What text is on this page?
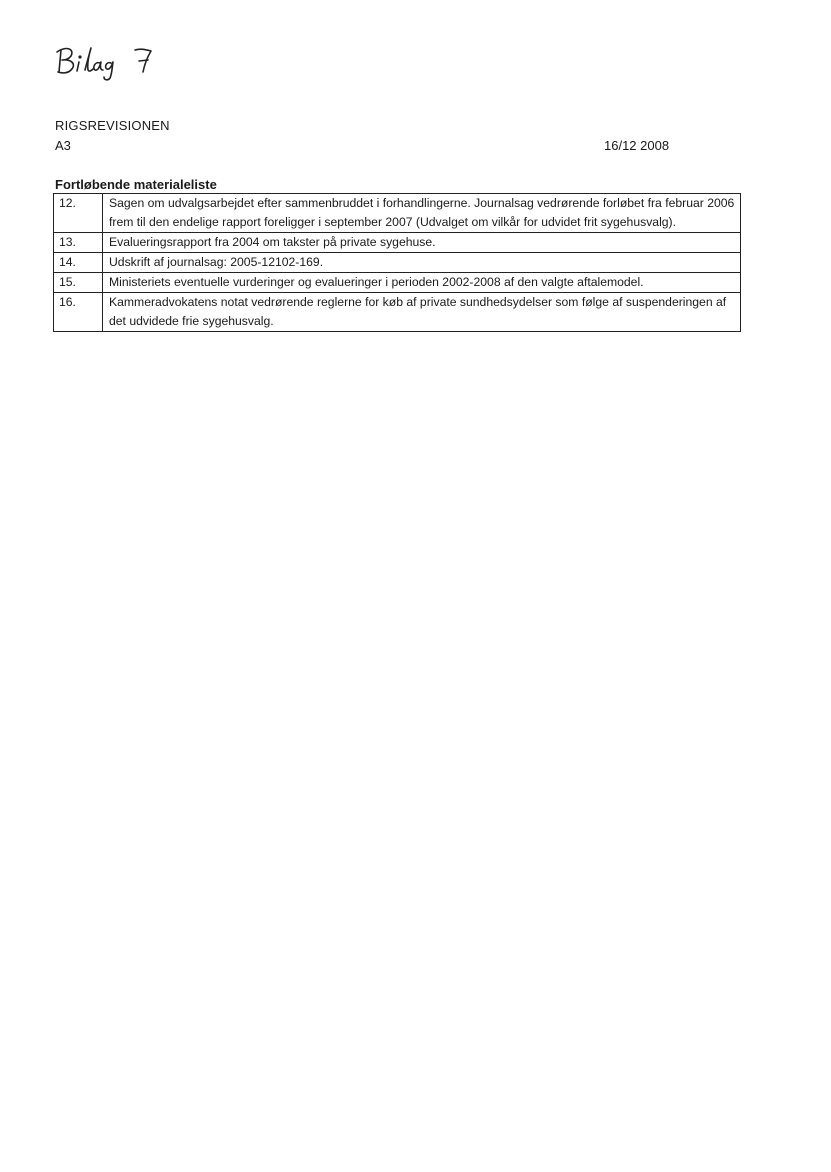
RIGSREVISIONEN
A3	16/12 2008
Fortløbende materialeliste
12.	Sagen om udvalgsarbejdet efter sammenbruddet i forhandlingerne. Journalsag vedrørende forløbet fra februar 2006 frem til den endelige rapport foreligger i september 2007 (Udvalget om vilkår for udvidet frit sygehusvalg).
13.	Evalueringsrapport fra 2004 om takster på private sygehuse.
14.	Udskrift af journalsag: 2005-12102-169.
15.	Ministeriets eventuelle vurderinger og evalueringer i perioden 2002-2008 af den valgte aftalemodel.
16.	Kammeradvokatens notat vedrørende reglerne for køb af private sundhedsydelser som følge af suspenderingen af det udvidede frie sygehusvalg.
